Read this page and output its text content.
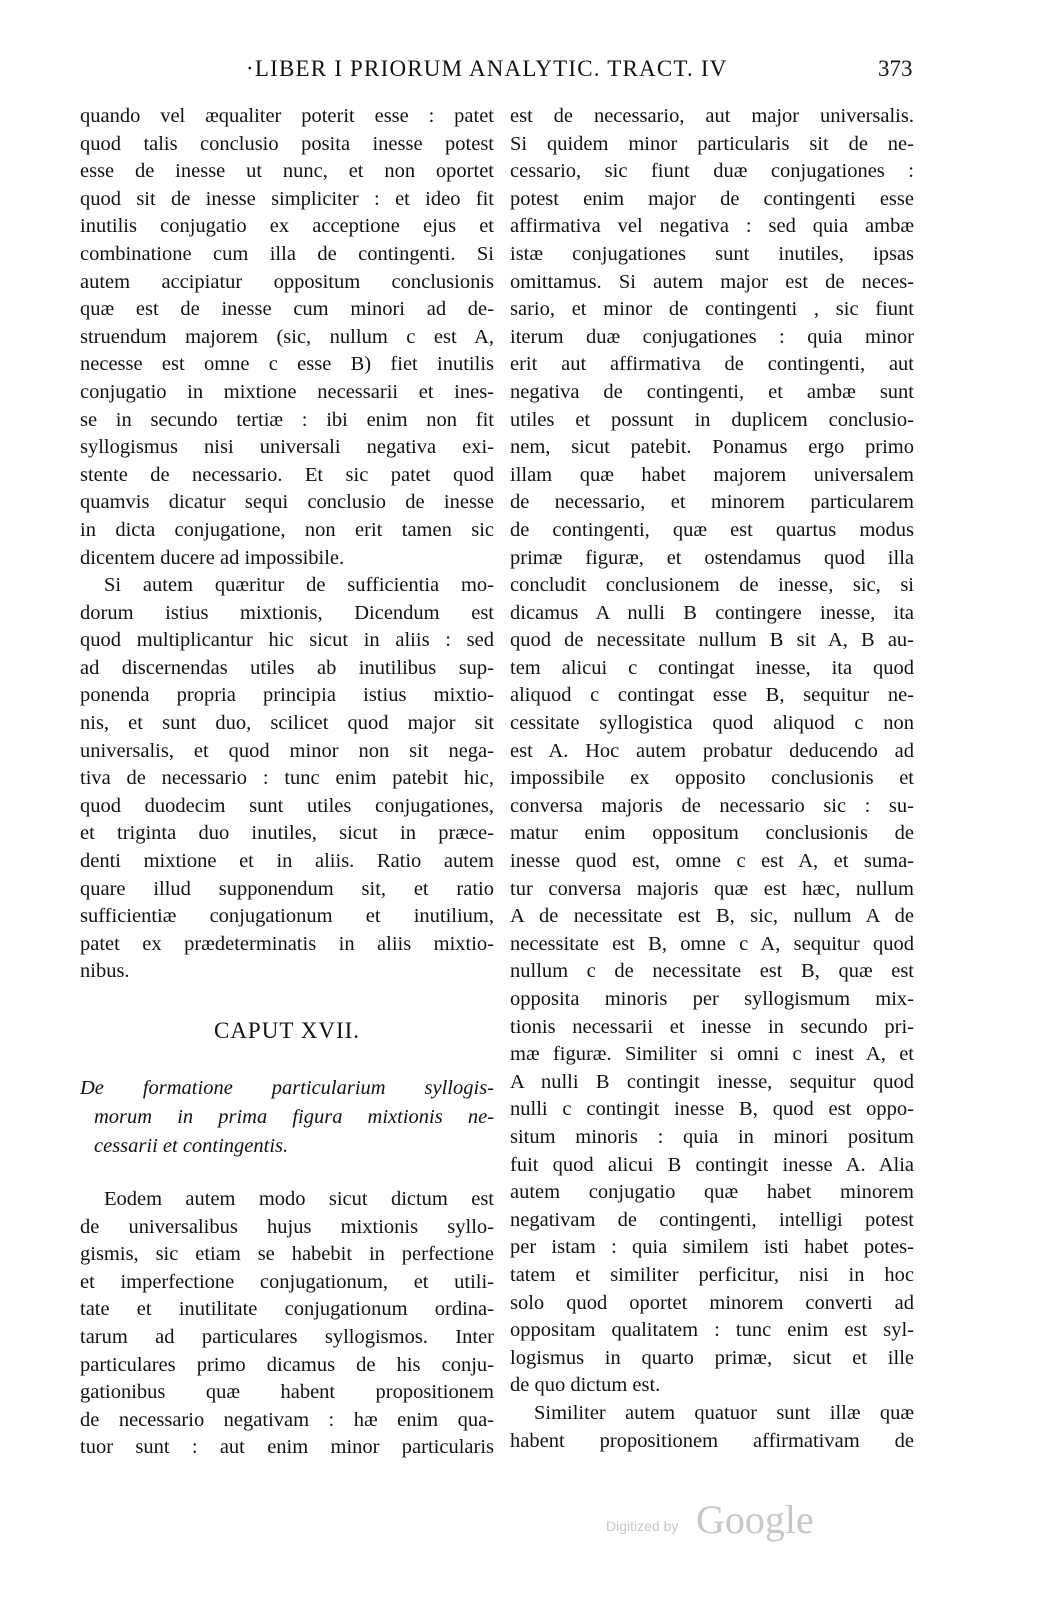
·LIBER I PRIORUM ANALYTIC. TRACT. IV	373
quando vel æqualiter poterit esse : patet
quod talis conclusio posita inesse potest
esse de inesse ut nunc, et non oportet
quod sit de inesse simpliciter : et ideo fit
inutilis conjugatio ex acceptione ejus et
combinatione cum illa de contingenti. Si
autem accipiatur oppositum conclusionis
quæ est de inesse cum minori ad de-
struendum majorem (sic, nullum c est A,
necesse est omne c esse B) fiet inutilis
conjugatio in mixtione necessarii et ines-
se in secundo tertiæ : ibi enim non fit
syllogismus nisi universali negativa exi-
stente de necessario. Et sic patet quod
quamvis dicatur sequi conclusio de inesse
in dicta conjugatione, non erit tamen sic
dicentem ducere ad impossibile.
Si autem quæritur de sufficientia mo-
dorum istius mixtionis, Dicendum est
quod multiplicantur hic sicut in aliis : sed
ad discernendas utiles ab inutilibus sup-
ponenda propria principia istius mixtio-
nis, et sunt duo, scilicet quod major sit
universalis, et quod minor non sit nega-
tiva de necessario : tunc enim patebit hic,
quod duodecim sunt utiles conjugationes,
et triginta duo inutiles, sicut in præce-
denti mixtione et in aliis. Ratio autem
quare illud supponendum sit, et ratio
sufficientiæ conjugationum et inutilium,
patet ex prædeterminatis in aliis mixtio-
nibus.
CAPUT XVII.
De formatione particularium syllogis-
morum in prima figura mixtionis ne-
cessarii et contingentis.
Eodem autem modo sicut dictum est
de universalibus hujus mixtionis syllo-
gismis, sic etiam se habebit in perfectione
et imperfectione conjugationum, et utili-
tate et inutilitate conjugationum ordina-
tarum ad particulares syllogismos. Inter
particulares primo dicamus de his conju-
gationibus quæ habent propositionem
de necessario negativam : hæ enim qua-
tuor sunt : aut enim minor particularis
est de necessario, aut major universalis.
Si quidem minor particularis sit de ne-
cessario, sic fiunt duæ conjugationes :
potest enim major de contingenti esse
affirmativa vel negativa : sed quia ambæ
istæ conjugationes sunt inutiles, ipsas
omittamus. Si autem major est de neces-
sario, et minor de contingenti , sic fiunt
iterum duæ conjugationes : quia minor
erit aut affirmativa de contingenti, aut
negativa de contingenti, et ambæ sunt
utiles et possunt in duplicem conclusio-
nem, sicut patebit. Ponamus ergo primo
illam quæ habet majorem universalem
de necessario, et minorem particularem
de contingenti, quæ est quartus modus
primæ figuræ, et ostendamus quod illa
concludit conclusionem de inesse, sic, si
dicamus A nulli B contingere inesse, ita
quod de necessitate nullum B sit A, B au-
tem alicui c contingat inesse, ita quod
aliquod c contingat esse B, sequitur ne-
cessitate syllogistica quod aliquod c non
est A. Hoc autem probatur deducendo ad
impossibile ex opposito conclusionis et
conversa majoris de necessario sic : su-
matur enim oppositum conclusionis de
inesse quod est, omne c est A, et suma-
tur conversa majoris quæ est hæc, nullum
A de necessitate est B, sic, nullum A de
necessitate est B, omne c A, sequitur quod
nullum c de necessitate est B, quæ est
opposita minoris per syllogismum mix-
tionis necessarii et inesse in secundo pri-
mæ figuræ. Similiter si omni c inest A, et
A nulli B contingit inesse, sequitur quod
nulli c contingit inesse B, quod est oppo-
situm minoris : quia in minori positum
fuit quod alicui B contingit inesse A. Alia
autem conjugatio quæ habet minorem
negativam de contingenti, intelligi potest
per istam : quia similem isti habet potes-
tatem et similiter perficitur, nisi in hoc
solo quod oportet minorem converti ad
oppositam qualitatem : tunc enim est syl-
logismus in quarto primæ, sicut et ille
de quo dictum est.
Similiter autem quatuor sunt illæ quæ
habent propositionem affirmativam de
Digitized by Google
